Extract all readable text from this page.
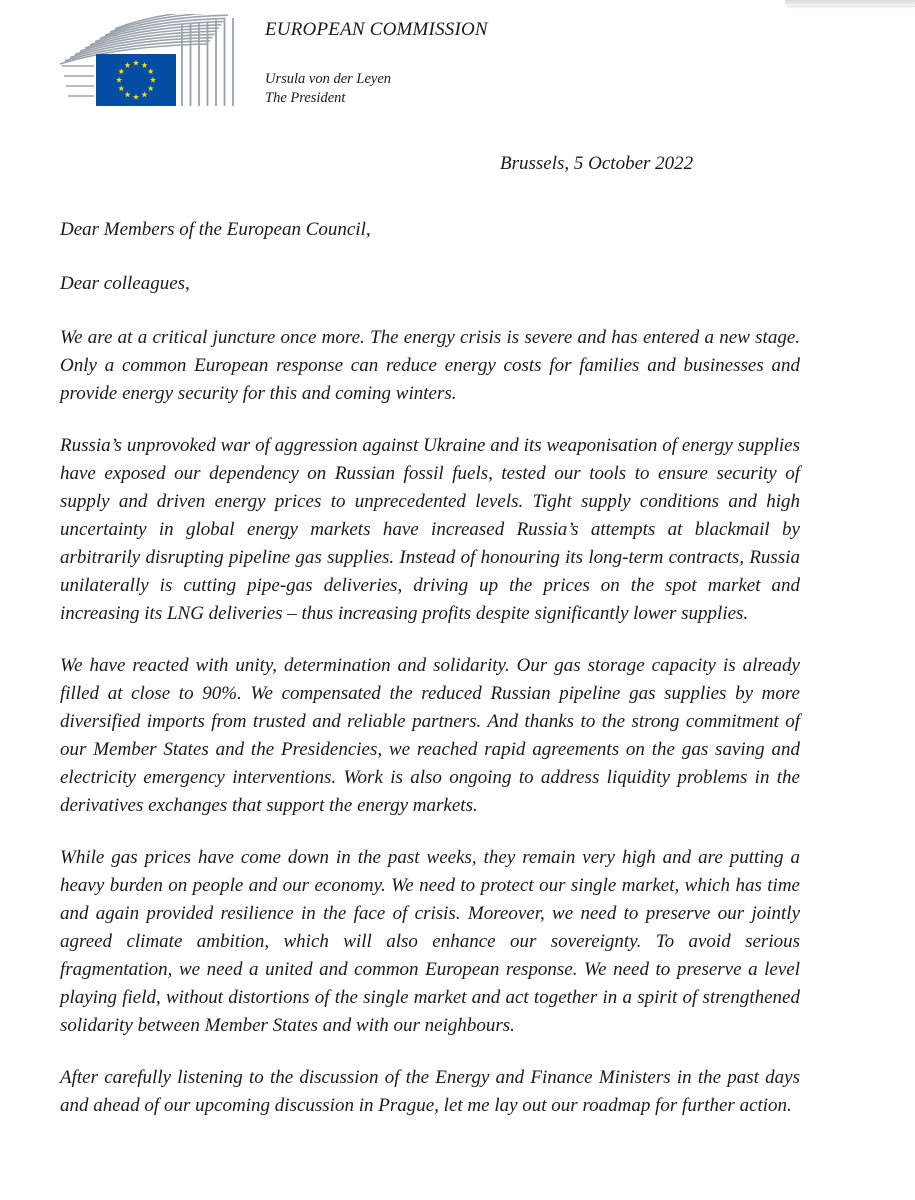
EUROPEAN COMMISSION
Ursula von der Leyen
The President
Brussels, 5 October 2022

Dear Members of the European Council,

Dear colleagues,

We are at a critical juncture once more. The energy crisis is severe and has entered a new stage. Only a common European response can reduce energy costs for families and businesses and provide energy security for this and coming winters.

Russia’s unprovoked war of aggression against Ukraine and its weaponisation of energy supplies have exposed our dependency on Russian fossil fuels, tested our tools to ensure security of supply and driven energy prices to unprecedented levels. Tight supply conditions and high uncertainty in global energy markets have increased Russia’s attempts at blackmail by arbitrarily disrupting pipeline gas supplies. Instead of honouring its long-term contracts, Russia unilaterally is cutting pipe-gas deliveries, driving up the prices on the spot market and increasing its LNG deliveries – thus increasing profits despite significantly lower supplies.

We have reacted with unity, determination and solidarity. Our gas storage capacity is already filled at close to 90%. We compensated the reduced Russian pipeline gas supplies by more diversified imports from trusted and reliable partners. And thanks to the strong commitment of our Member States and the Presidencies, we reached rapid agreements on the gas saving and electricity emergency interventions. Work is also ongoing to address liquidity problems in the derivatives exchanges that support the energy markets.

While gas prices have come down in the past weeks, they remain very high and are putting a heavy burden on people and our economy. We need to protect our single market, which has time and again provided resilience in the face of crisis. Moreover, we need to preserve our jointly agreed climate ambition, which will also enhance our sovereignty. To avoid serious fragmentation, we need a united and common European response. We need to preserve a level playing field, without distortions of the single market and act together in a spirit of strengthened solidarity between Member States and with our neighbours.

After carefully listening to the discussion of the Energy and Finance Ministers in the past days and ahead of our upcoming discussion in Prague, let me lay out our roadmap for further action.
